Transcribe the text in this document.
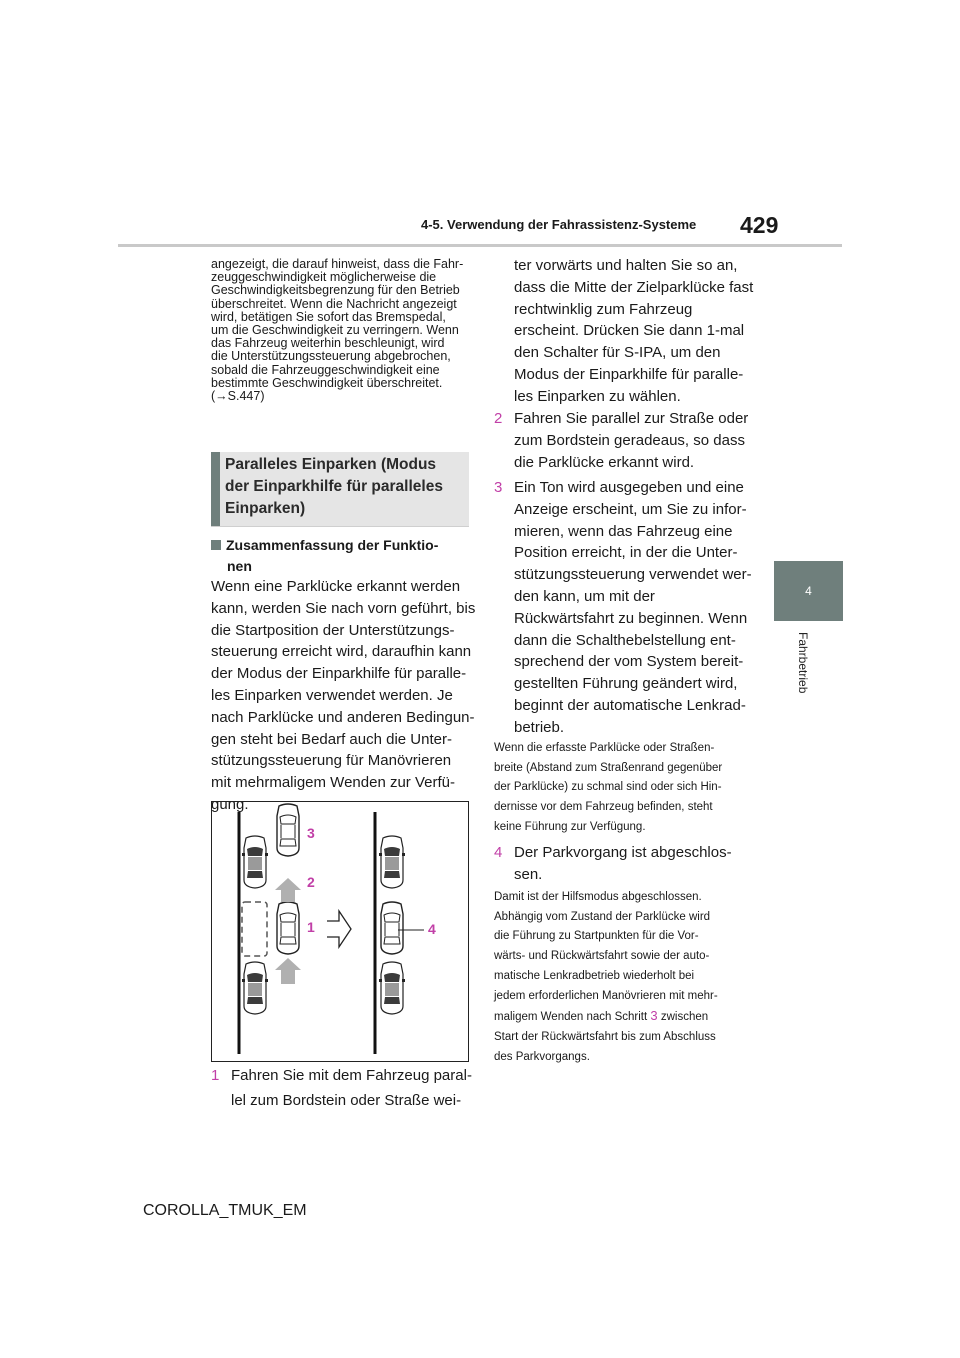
4-5. Verwendung der Fahrassistenz-Systeme 429
4
Fahrbetrieb
angezeigt, die darauf hinweist, dass die Fahr-
zeuggeschwindigkeit möglicherweise die
Geschwindigkeitsbegrenzung für den Betrieb
überschreitet. Wenn die Nachricht angezeigt
wird, betätigen Sie sofort das Bremspedal,
um die Geschwindigkeit zu verringern. Wenn
das Fahrzeug weiterhin beschleunigt, wird
die Unterstützungssteuerung abgebrochen,
sobald die Fahrzeuggeschwindigkeit eine
bestimmte Geschwindigkeit überschreitet.
(→S.447)
Paralleles Einparken (Modus
der Einparkhilfe für paralleles
Einparken)
Zusammenfassung der Funktio-
nen
Wenn eine Parklücke erkannt werden
kann, werden Sie nach vorn geführt, bis
die Startposition der Unterstützungs-
steuerung erreicht wird, daraufhin kann
der Modus der Einparkhilfe für paralle-
les Einparken verwendet werden. Je
nach Parklücke und anderen Bedingun-
gen steht bei Bedarf auch die Unter-
stützungssteuerung für Manövrieren
mit mehrmaligem Wenden zur Verfü-
gung.
3
2
1	4
1 Fahren Sie mit dem Fahrzeug paral-
lel zum Bordstein oder Straße wei-
ter vorwärts und halten Sie so an,
dass die Mitte der Zielparklücke fast
rechtwinklig zum Fahrzeug
erscheint. Drücken Sie dann 1-mal
den Schalter für S-IPA, um den
Modus der Einparkhilfe für paralle-
les Einparken zu wählen.
2 Fahren Sie parallel zur Straße oder
zum Bordstein geradeaus, so dass
die Parklücke erkannt wird.
3 Ein Ton wird ausgegeben und eine
Anzeige erscheint, um Sie zu infor-
mieren, wenn das Fahrzeug eine
Position erreicht, in der die Unter-
stützungssteuerung verwendet wer-
den kann, um mit der
Rückwärtsfahrt zu beginnen. Wenn
dann die Schalthebelstellung ent-
sprechend der vom System bereit-
gestellten Führung geändert wird,
beginnt der automatische Lenkrad-
betrieb.
Wenn die erfasste Parklücke oder Straßen-
breite (Abstand zum Straßenrand gegenüber
der Parklücke) zu schmal sind oder sich Hin-
dernisse vor dem Fahrzeug befinden, steht
keine Führung zur Verfügung.
4 Der Parkvorgang ist abgeschlos-
sen.
Damit ist der Hilfsmodus abgeschlossen.
Abhängig vom Zustand der Parklücke wird
die Führung zu Startpunkten für die Vor-
wärts- und Rückwärtsfahrt sowie der auto-
matische Lenkradbetrieb wiederholt bei
jedem erforderlichen Manövrieren mit mehr-
maligem Wenden nach Schritt 3 zwischen
Start der Rückwärtsfahrt bis zum Abschluss
des Parkvorgangs.
COROLLA_TMUK_EM
